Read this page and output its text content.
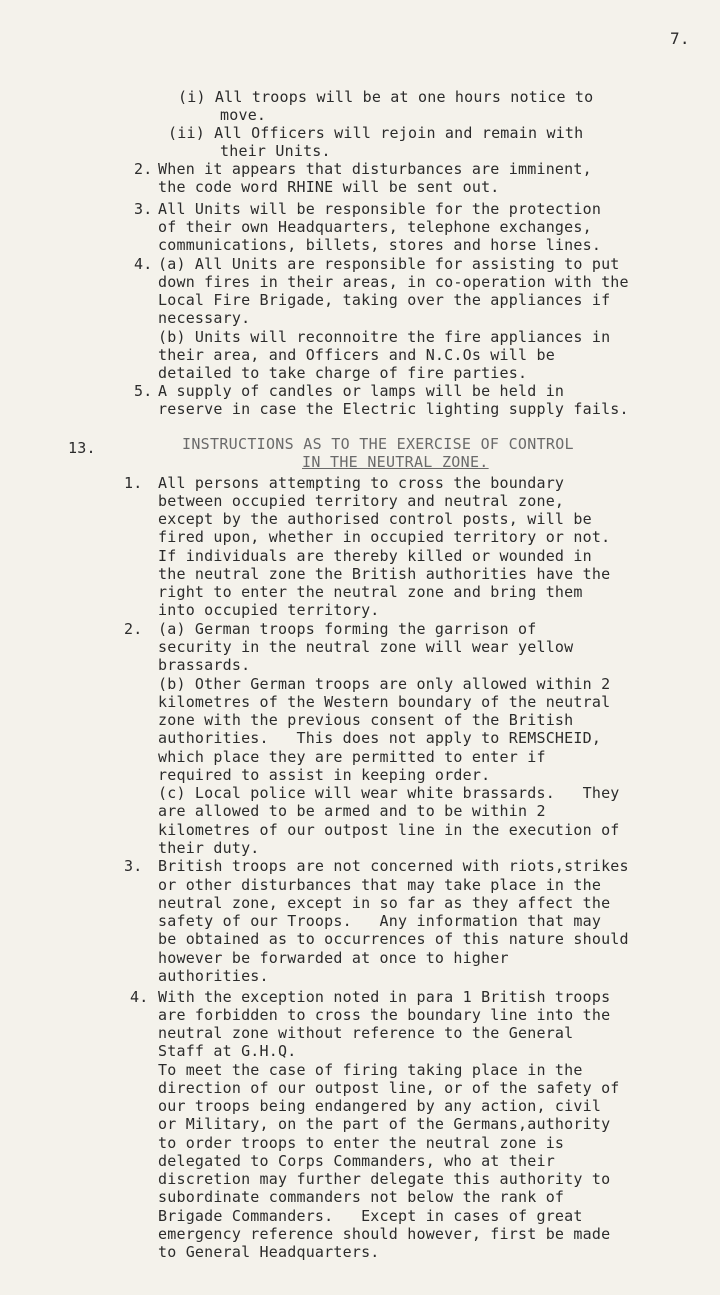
7.
(i) All troops will be at one hours notice to
move.
(ii) All Officers will rejoin and remain with
their Units.
2. When it appears that disturbances are imminent,
the code word RHINE will be sent out.
3. All Units will be responsible for the protection
of their own Headquarters, telephone exchanges,
communications, billets, stores and horse lines.
4. (a) All Units are responsible for assisting to put
down fires in their areas, in co-operation with the
Local Fire Brigade, taking over the appliances if
necessary.
(b) Units will reconnoitre the fire appliances in
their area, and Officers and N.C.Os will be
detailed to take charge of fire parties.
5. A supply of candles or lamps will be held in
reserve in case the Electric lighting supply fails.
13.	INSTRUCTIONS AS TO THE EXERCISE OF CONTROL
IN THE NEUTRAL ZONE.
1. All persons attempting to cross the boundary
between occupied territory and neutral zone,
except by the authorised control posts, will be
fired upon, whether in occupied territory or not.
If individuals are thereby killed or wounded in
the neutral zone the British authorities have the
right to enter the neutral zone and bring them
into occupied territory.
2. (a) German troops forming the garrison of
security in the neutral zone will wear yellow
brassards.
(b) Other German troops are only allowed within 2
kilometres of the Western boundary of the neutral
zone with the previous consent of the British
authorities.   This does not apply to REMSCHEID,
which place they are permitted to enter if
required to assist in keeping order.
(c) Local police will wear white brassards.   They
are allowed to be armed and to be within 2
kilometres of our outpost line in the execution of
their duty.
3. British troops are not concerned with riots,strikes
or other disturbances that may take place in the
neutral zone, except in so far as they affect the
safety of our Troops.   Any information that may
be obtained as to occurrences of this nature should
however be forwarded at once to higher
authorities.
4. With the exception noted in para 1 British troops
are forbidden to cross the boundary line into the
neutral zone without reference to the General
Staff at G.H.Q.
To meet the case of firing taking place in the
direction of our outpost line, or of the safety of
our troops being endangered by any action, civil
or Military, on the part of the Germans,authority
to order troops to enter the neutral zone is
delegated to Corps Commanders, who at their
discretion may further delegate this authority to
subordinate commanders not below the rank of
Brigade Commanders.   Except in cases of great
emergency reference should however, first be made
to General Headquarters.
